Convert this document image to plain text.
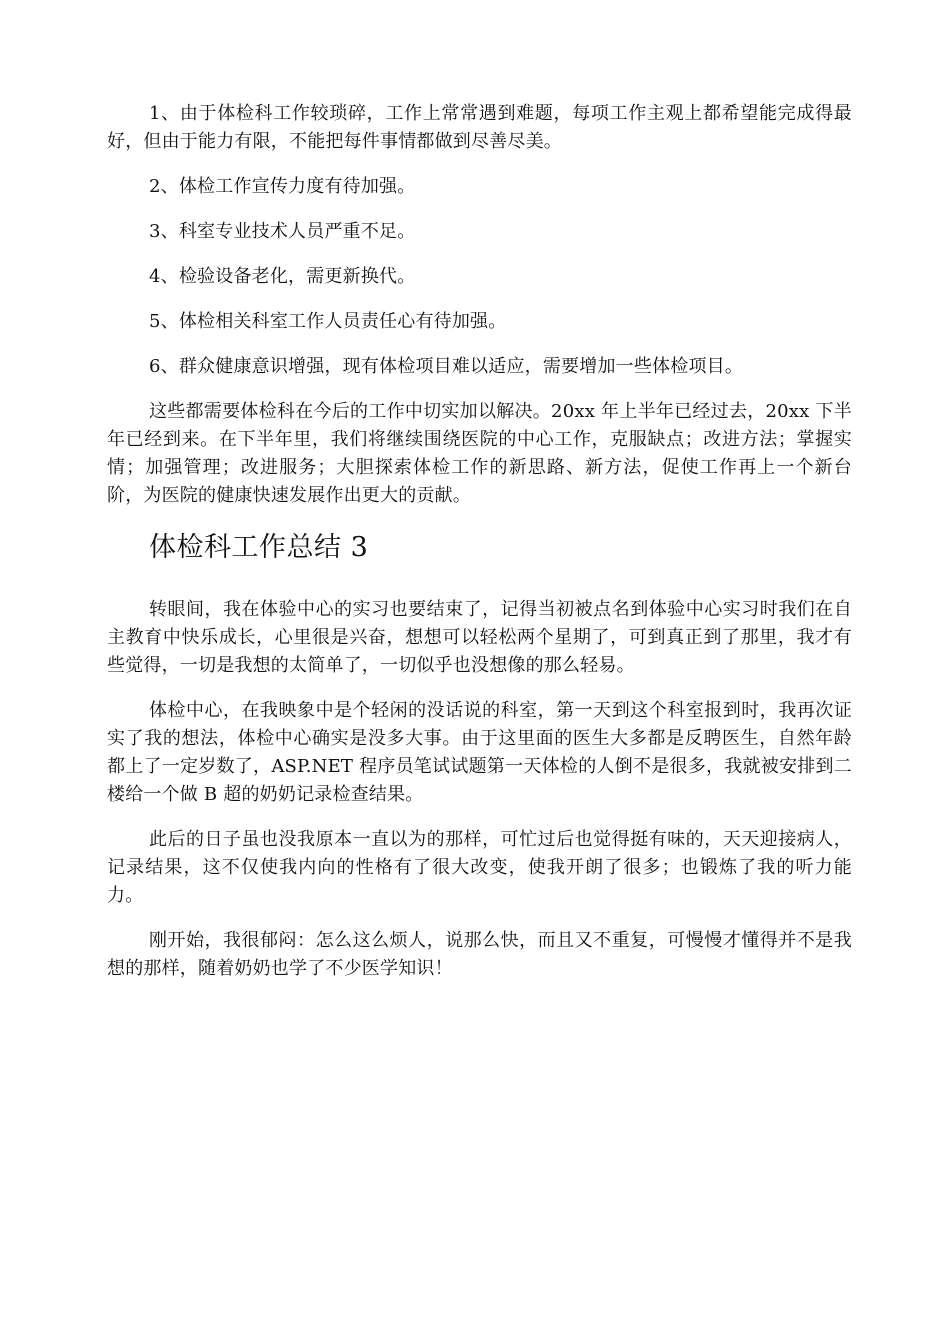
1、由于体检科工作较琐碎，工作上常常遇到难题，每项工作主观上都希望能完成得最好，但由于能力有限，不能把每件事情都做到尽善尽美。

2、体检工作宣传力度有待加强。

3、科室专业技术人员严重不足。

4、检验设备老化，需更新换代。

5、体检相关科室工作人员责任心有待加强。

6、群众健康意识增强，现有体检项目难以适应，需要增加一些体检项目。

这些都需要体检科在今后的工作中切实加以解决。20xx 年上半年已经过去，20xx 下半年已经到来。在下半年里，我们将继续围绕医院的中心工作，克服缺点；改进方法；掌握实情；加强管理；改进服务；大胆探索体检工作的新思路、新方法，促使工作再上一个新台阶，为医院的健康快速发展作出更大的贡献。

体检科工作总结 3

转眼间，我在体验中心的实习也要结束了，记得当初被点名到体验中心实习时我们在自主教育中快乐成长，心里很是兴奋，想想可以轻松两个星期了，可到真正到了那里，我才有些觉得，一切是我想的太简单了，一切似乎也没想像的那么轻易。

体检中心，在我映象中是个轻闲的没话说的科室，第一天到这个科室报到时，我再次证实了我的想法，体检中心确实是没多大事。由于这里面的医生大多都是反聘医生，自然年龄都上了一定岁数了，ASP.NET 程序员笔试试题第一天体检的人倒不是很多，我就被安排到二楼给一个做 B 超的奶奶记录检查结果。

此后的日子虽也没我原本一直以为的那样，可忙过后也觉得挺有味的，天天迎接病人，记录结果，这不仅使我内向的性格有了很大改变，使我开朗了很多；也锻炼了我的听力能力。

刚开始，我很郁闷：怎么这么烦人，说那么快，而且又不重复，可慢慢才懂得并不是我想的那样，随着奶奶也学了不少医学知识！
